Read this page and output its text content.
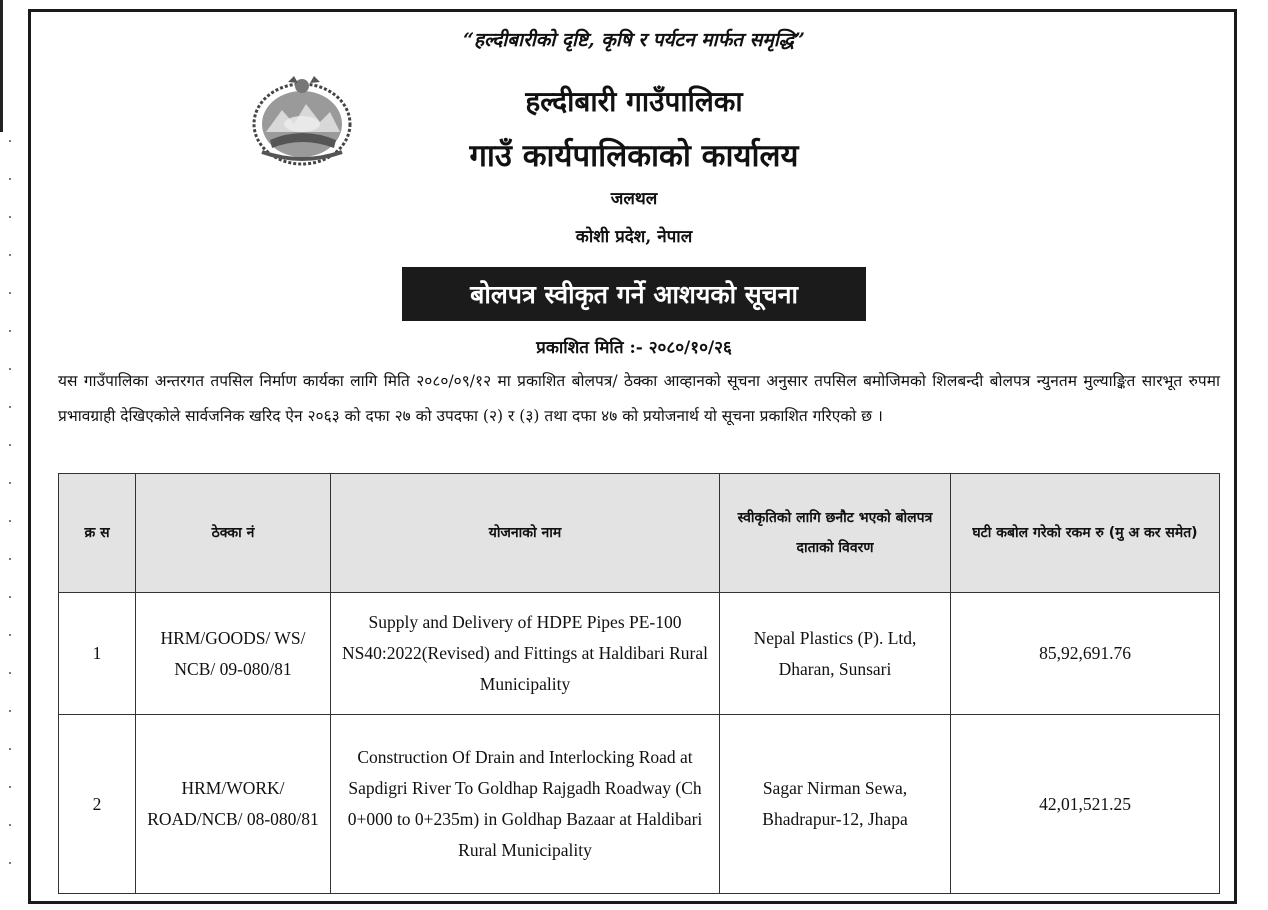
“हल्दीबारीको दृष्टि, कृषि र पर्यटन मार्फत समृद्धि”
हल्दीबारी गाउँपालिका
गाउँ कार्यपालिकाको कार्यालय
जलथल
कोशी प्रदेश, नेपाल
बोलपत्र स्वीकृत गर्ने आशयको सूचना
प्रकाशित मिति :- २०८०/१०/२६
यस गाउँपालिका अन्तरगत तपसिल निर्माण कार्यका लागि मिति २०८०/०९/१२ मा प्रकाशित बोलपत्र/ ठेक्का आव्हानको सूचना अनुसार तपसिल बमोजिमको शिलबन्दी बोलपत्र न्युनतम मुल्याङ्कित सारभूत रुपमा प्रभावग्राही देखिएकोले सार्वजनिक खरिद ऐन २०६३ को दफा २७ को उपदफा (२) र (३) तथा दफा ४७ को प्रयोजनार्थ यो सूचना प्रकाशित गरिएको छ ।
क्र स	ठेक्का नं	योजनाको नाम	स्वीकृतिको लागि छनौट भएको बोलपत्र दाताको विवरण	घटी कबोल गरेको रकम रु (मु अ कर समेत)
1	HRM/GOODS/ WS/ NCB/ 09-080/81	Supply and Delivery of HDPE Pipes PE-100 NS40:2022(Revised) and Fittings at Haldibari Rural Municipality	Nepal Plastics (P). Ltd, Dharan, Sunsari	85,92,691.76
2	HRM/WORK/ ROAD/NCB/ 08-080/81	Construction Of Drain and Interlocking Road at Sapdigri River To Goldhap Rajgadh Roadway (Ch 0+000 to 0+235m) in Goldhap Bazaar at Haldibari Rural Municipality	Sagar Nirman Sewa, Bhadrapur-12, Jhapa	42,01,521.25
